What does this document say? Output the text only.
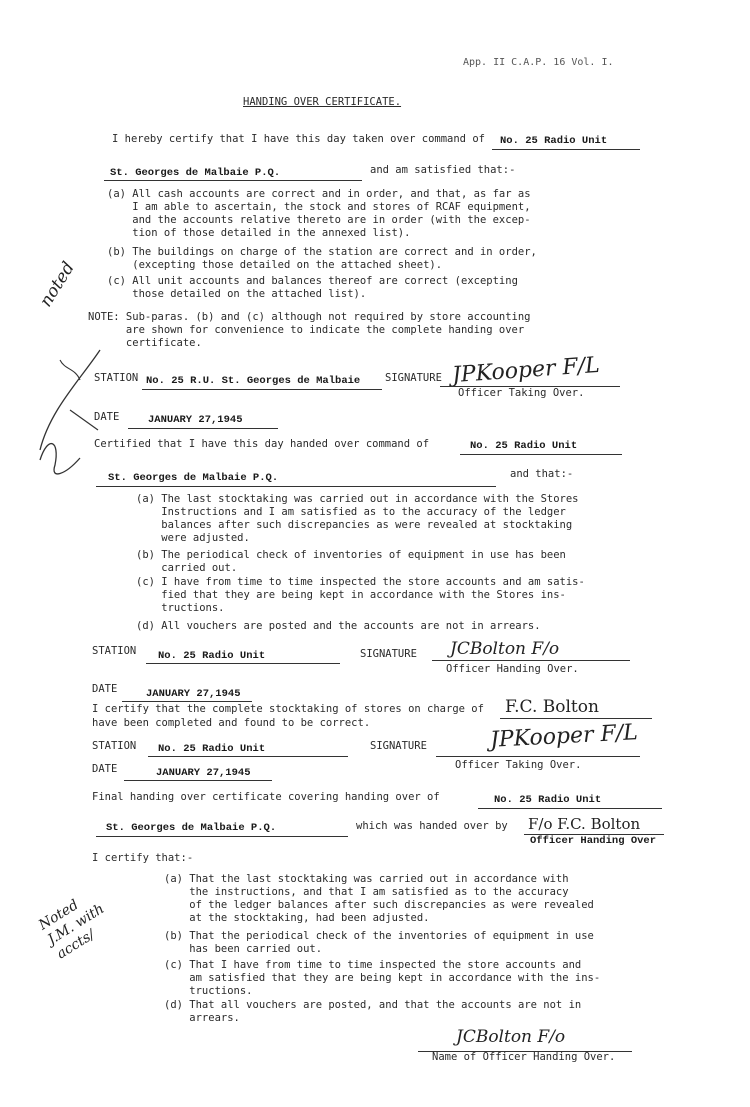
App. II C.A.P. 16 Vol. I.
HANDING OVER CERTIFICATE.
I hereby certify that I have this day taken over command of No. 25 Radio Unit
St. Georges de Malbaie P.Q.	and am satisfied that:-
(a) All cash accounts are correct and in order, and that, as far as
I am able to ascertain, the stock and stores of RCAF equipment,
and the accounts relative thereto are in order (with the excep-
tion of those detailed in the annexed list).
(b) The buildings on charge of the station are correct and in order,
(excepting those detailed on the attached sheet).
(c) All unit accounts and balances thereof are correct (excepting
those detailed on the attached list).
NOTE: Sub-paras. (b) and (c) although not required by store accounting
are shown for convenience to indicate the complete handing over
certificate.
STATION No. 25 R.U. St. Georges de Malbaie SIGNATURE JPKooper F/L
Officer Taking Over.
DATE	JANUARY 27,1945
Certified that I have this day handed over command of	No. 25 Radio Unit
St. Georges de Malbaie P.Q.	and that:-
(a) The last stocktaking was carried out in accordance with the Stores
Instructions and I am satisfied as to the accuracy of the ledger
balances after such discrepancies as were revealed at stocktaking
were adjusted.
(b) The periodical check of inventories of equipment in use has been
carried out.
(c) I have from time to time inspected the store accounts and am satis-
fied that they are being kept in accordance with the Stores ins-
tructions.
(d) All vouchers are posted and the accounts are not in arrears.
STATION No. 25 Radio Unit	SIGNATURE JCBolton F/o
Officer Handing Over.
DATE	JANUARY 27,1945
I certify that the complete stocktaking of stores on charge of F.C. Bolton
have been completed and found to be correct.
STATION No. 25 Radio Unit	SIGNATURE	JPKooper F/L
Officer Taking Over.
DATE	JANUARY 27,1945
Final handing over certificate covering handing over of	No. 25 Radio Unit
St. Georges de Malbaie P.Q.	which was handed over by F/o F.C. Bolton
Officer Handing Over
I certify that:-
(a) That the last stocktaking was carried out in accordance with
the instructions, and that I am satisfied as to the accuracy
of the ledger balances after such discrepancies as were revealed
at the stocktaking, had been adjusted.
(b) That the periodical check of the inventories of equipment in use
has been carried out.
(c) That I have from time to time inspected the store accounts and
am satisfied that they are being kept in accordance with the ins-
tructions.
(d) That all vouchers are posted, and that the accounts are not in
arrears.
JCBolton F/o
Name of Officer Handing Over.
noted
Noted
J.M. with
accts/
